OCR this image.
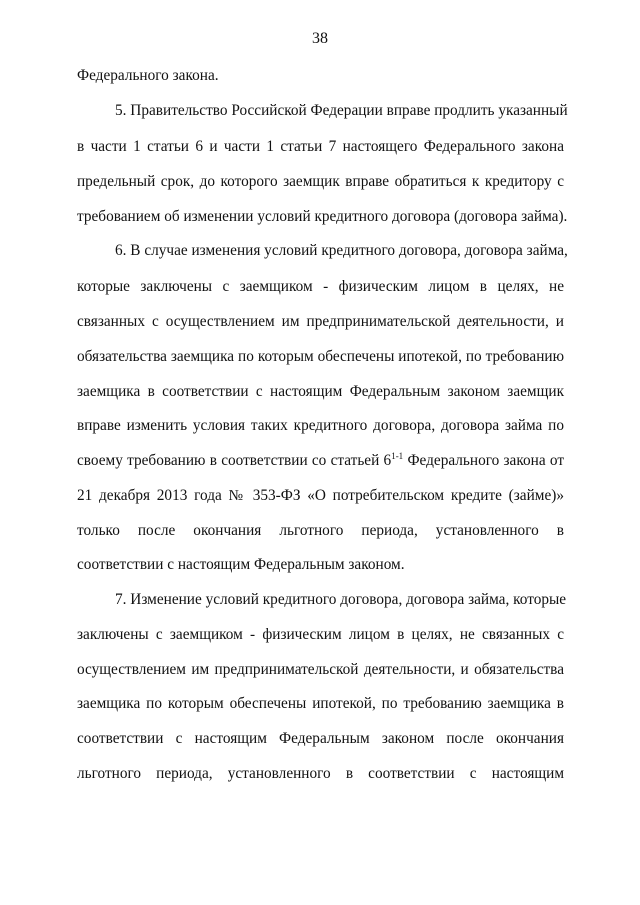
38
Федерального закона.
5. Правительство Российской Федерации вправе продлить указанный
в части 1 статьи 6 и части 1 статьи 7 настоящего Федерального закона
предельный срок, до которого заемщик вправе обратиться к кредитору с
требованием об изменении условий кредитного договора (договора займа).
6. В случае изменения условий кредитного договора, договора займа,
которые заключены с заемщиком - физическим лицом в целях, не
связанных с осуществлением им предпринимательской деятельности, и
обязательства заемщика по которым обеспечены ипотекой, по требованию
заемщика в соответствии с настоящим Федеральным законом заемщик
вправе изменить условия таких кредитного договора, договора займа по
своему требованию в соответствии со статьей 6$^{1-1}$ Федерального закона от
21 декабря 2013 года № 353-ФЗ «О потребительском кредите (займе)»
только после окончания льготного периода, установленного в
соответствии с настоящим Федеральным законом.
7. Изменение условий кредитного договора, договора займа, которые
заключены с заемщиком - физическим лицом в целях, не связанных с
осуществлением им предпринимательской деятельности, и обязательства
заемщика по которым обеспечены ипотекой, по требованию заемщика в
соответствии с настоящим Федеральным законом после окончания
льготного периода, установленного в соответствии с настоящим
